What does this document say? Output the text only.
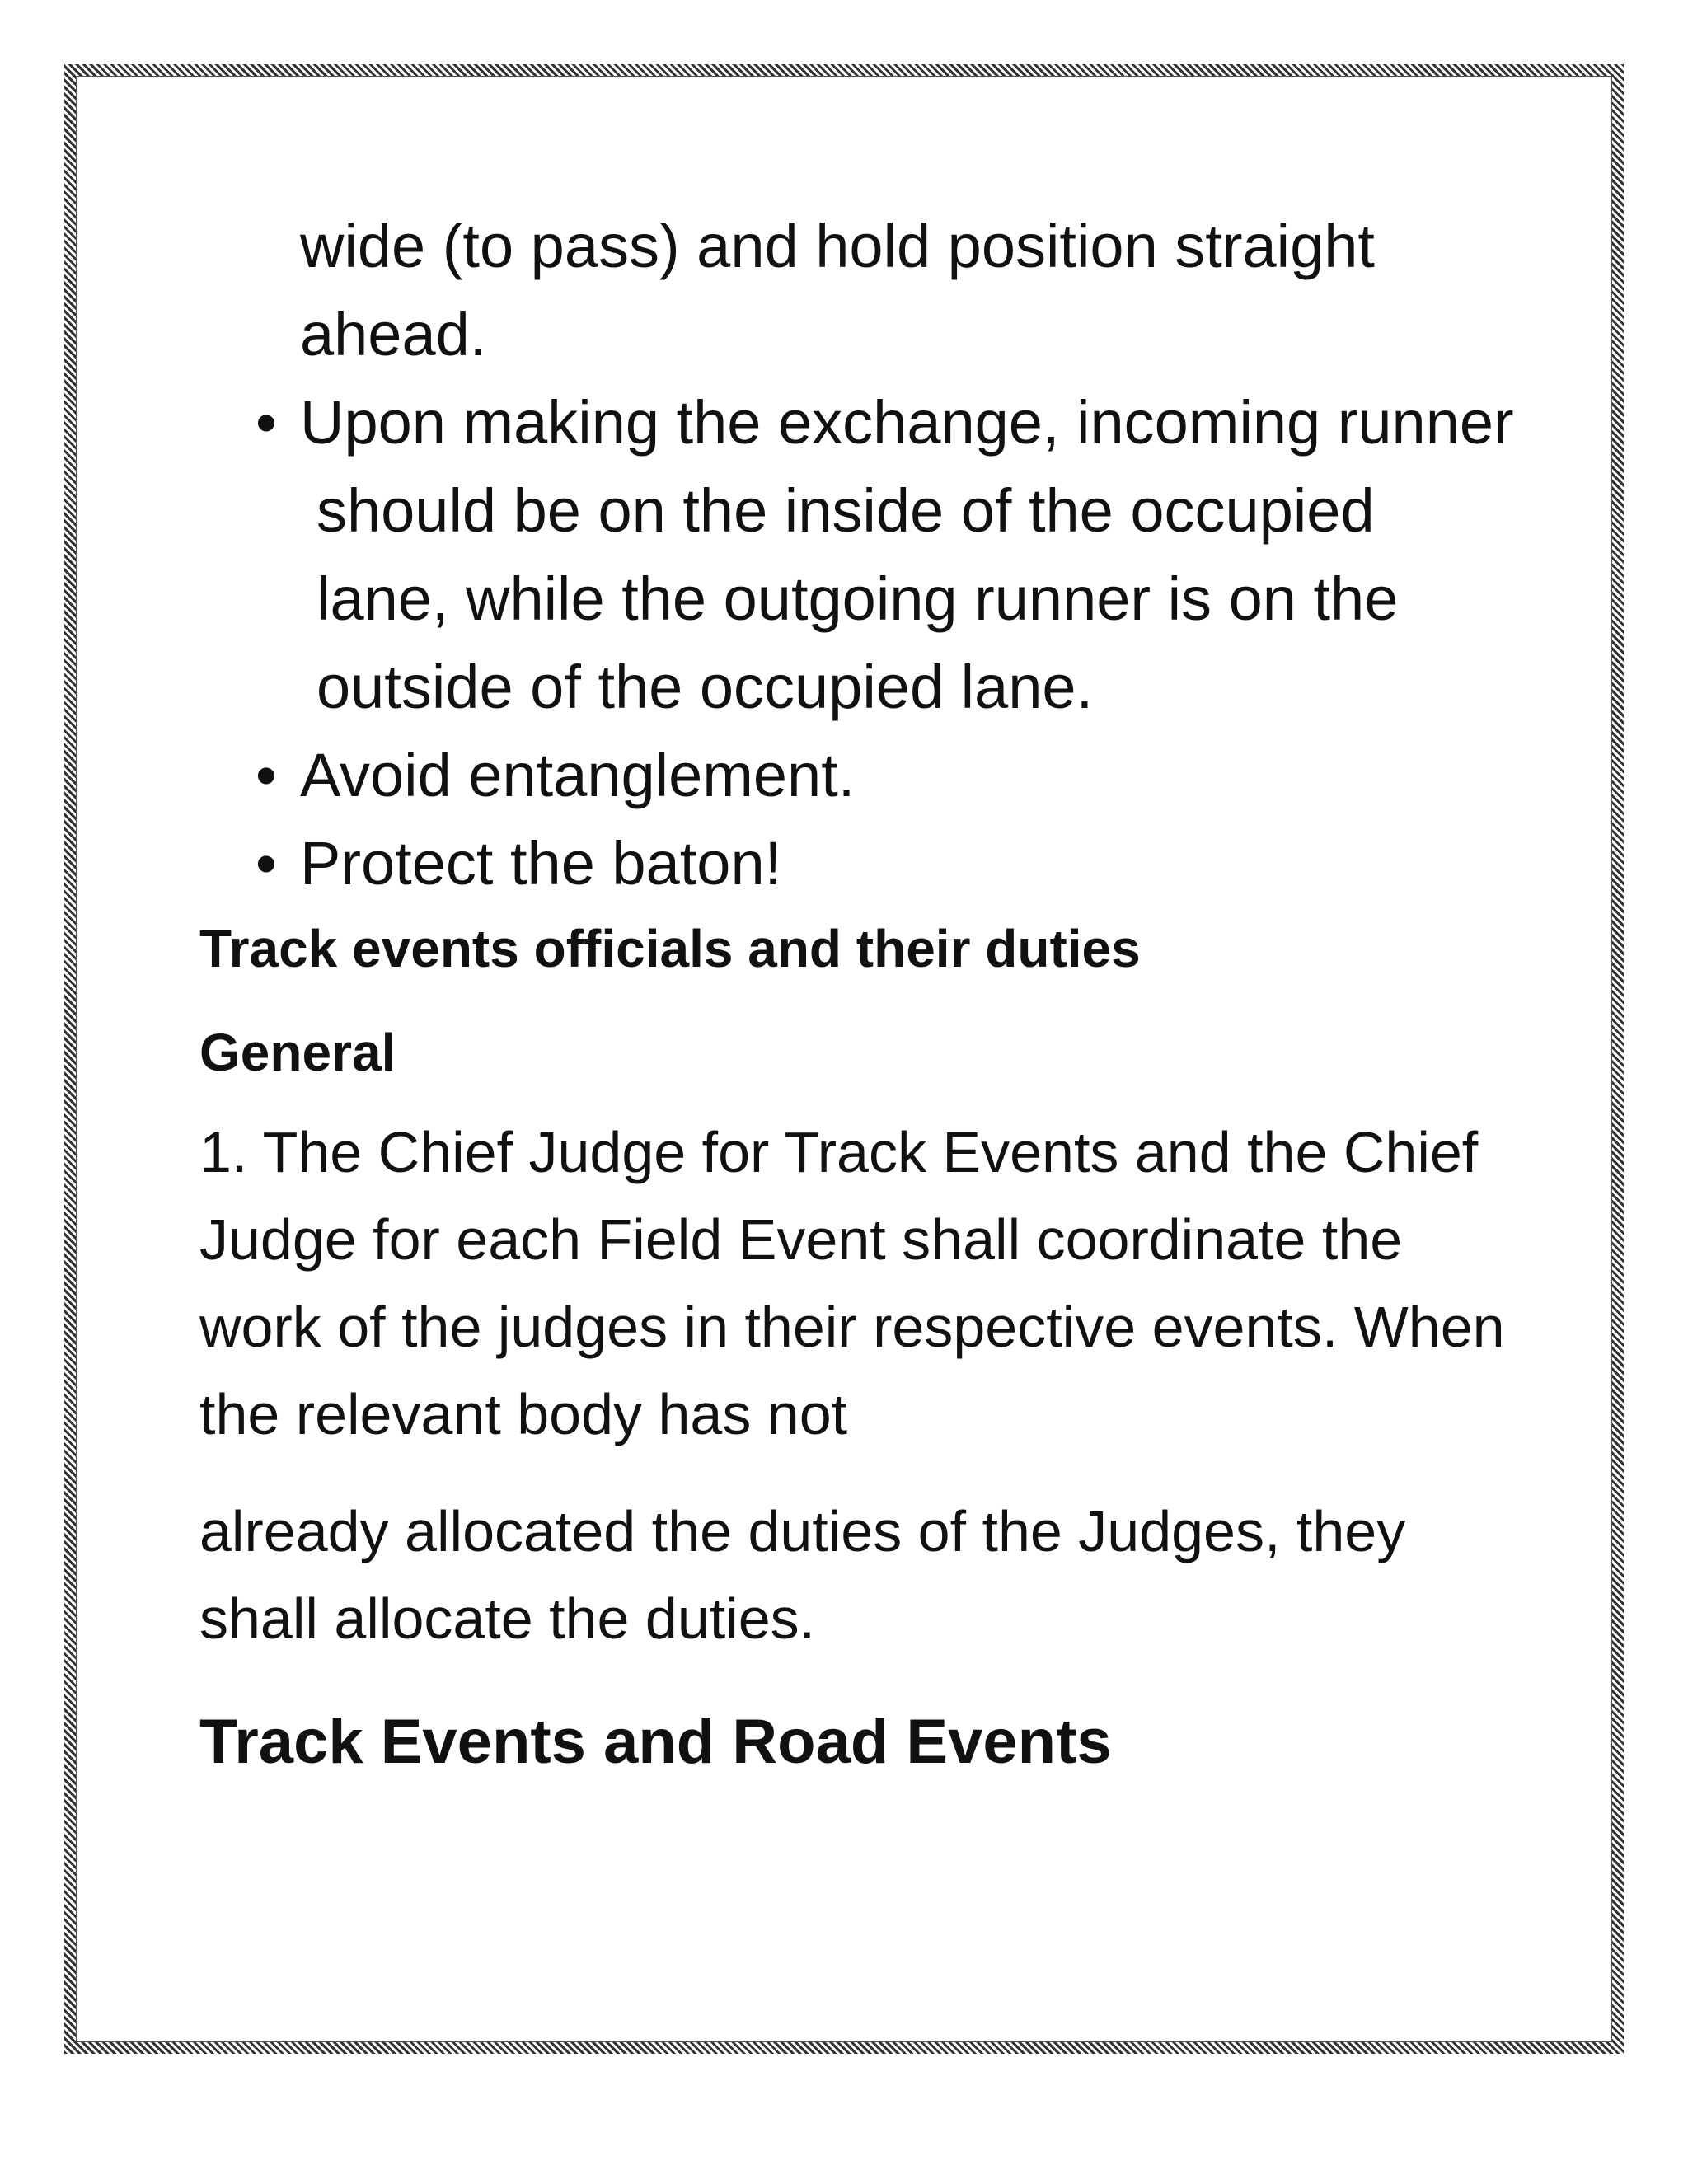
wide (to pass) and hold position straight

ahead.

• Upon making the exchange, incoming runner should be on the inside of the occupied lane, while the outgoing runner is on the outside of the occupied lane.
• Avoid entanglement.
• Protect the baton!
Track events officials and their duties
General

1. The Chief Judge for Track Events and the Chief Judge for each Field Event shall coordinate the work of the judges in their respective events. When the relevant body has not

already allocated the duties of the Judges, they shall allocate the duties.

Track Events and Road Events
